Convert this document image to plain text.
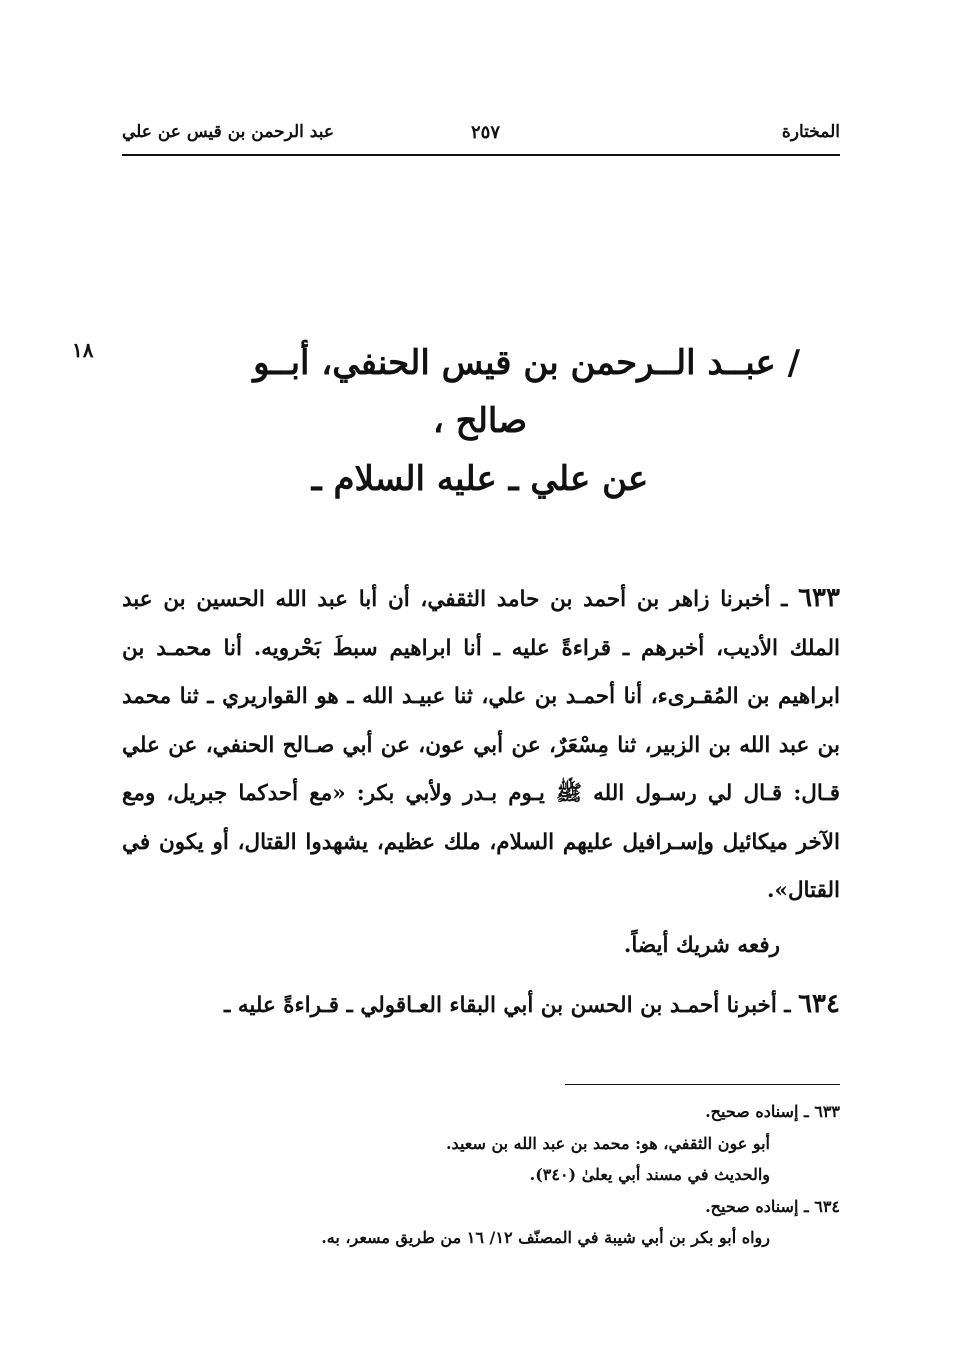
المختارة
٢٥٧
عبد الرحمن بن قيس عن علي
١٨	/ عبــد الــرحمن بن قيس الحنفي، أبــو
صالح ،
عن علي ـ عليه السلام ـ

٦٣٣ ـ أخبرنا زاهر بن أحمد بن حامد الثقفي، أن أبا عبد الله الحسين بن عبد الملك الأديب، أخبرهم ـ قراءةً عليه ـ أنا ابراهيم سبطَ بَحْرويه. أنا محمـد بن ابراهيم بن المُقـرىء، أنا أحمـد بن علي، ثنا عبيـد الله ـ هو القواريري ـ ثنا محمد بن عبد الله بن الزبير، ثنا مِسْعَرٌ، عن أبي عون، عن أبي صـالح الحنفي، عن علي قـال: قـال لي رسـول الله ﷺ يـوم بـدر ولأبي بكر: «مع أحدكما جبريل، ومع الآخر ميكائيل وإسـرافيل عليهم السلام، ملك عظيم، يشهدوا القتال، أو يكون في القتال».

رفعه شريك أيضاً.

٦٣٤ ـ أخبرنا أحمـد بن الحسن بن أبي البقاء العـاقولي ـ قـراءةً عليه ـ

٦٣٣ ـ إسناده صحيح.

أبو عون الثقفي، هو: محمد بن عبد الله بن سعيد.

والحديث في مسند أبي يعلىٰ (٣٤٠).

٦٣٤ ـ إسناده صحيح.

رواه أبو بكر بن أبي شيبة في المصنّف ١٢/ ١٦ من طريق مسعر، به.
